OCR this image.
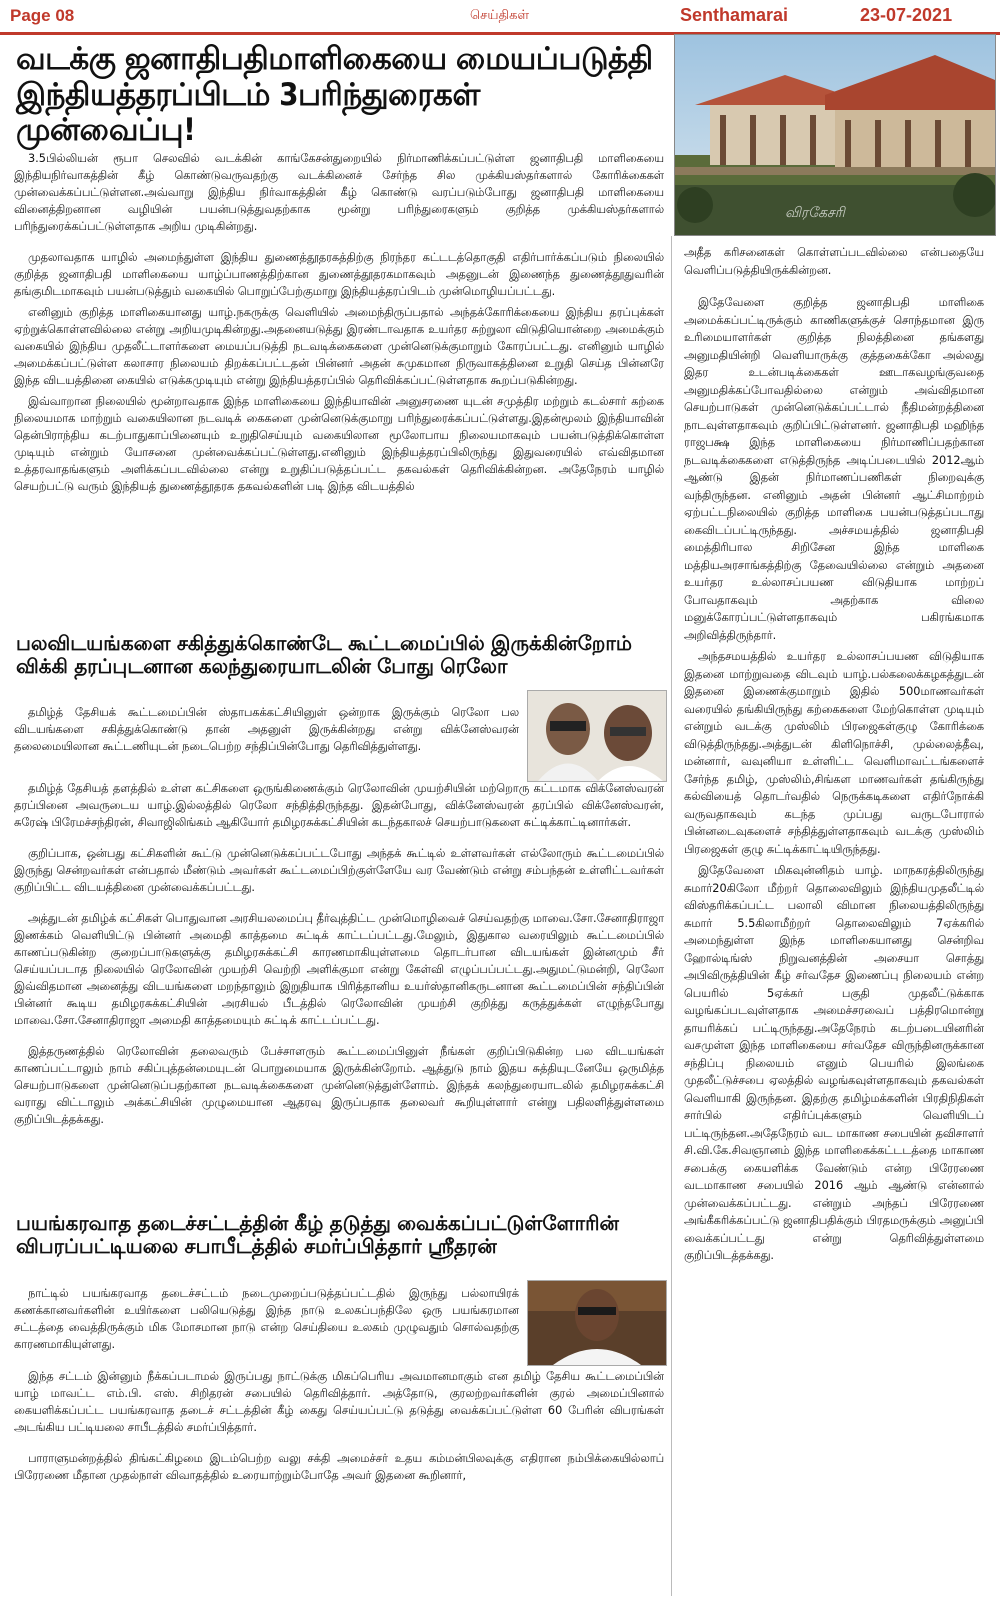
Page 08	செய்திகள்	Senthamarai	23-07-2021
வடக்கு ஜனாதிபதிமாளிகையை மையப்படுத்தி இந்தியத்தரப்பிடம் 3பரிந்துரைகள் முன்வைப்பு!
விரகேசரி

3.5பில்லியன் ரூபா செலவில் வடக்கின் காங்கேசன்துறையில் நிர்மாணிக்கப்பட்டுள்ள ஜனாதிபதி மாளிகையை இந்தியநிர்வாகத்தின் கீழ் கொண்டுவருவதற்கு வடக்கினைச் சேர்ந்த சில முக்கியஸ்தர்களால் கோரிக்கைகள் முன்வைக்கப்பட்டுள்ளன.அவ்வாறு இந்திய நிர்வாகத்தின் கீழ் கொண்டு வரப்படும்போது ஜனாதிபதி மாளிகையை வினைத்திறனான வழியின் பயன்படுத்துவதற்காக மூன்று பரிந்துரைகளும் குறித்த முக்கியஸ்தர்களால் பரிந்துரைக்கப்பட்டுள்ளதாக அறிய முடிகின்றது.

முதலாவதாக யாழில் அமைந்துள்ள இந்திய துணைத்தூதரகத்திற்கு நிரந்தர கட்டடத்தொகுதி எதிர்பார்க்கப்படும் நிலையில் குறித்த ஜனாதிபதி மாளிகையை யாழ்ப்பாணத்திற்கான துணைத்தூதரகமாகவும் அதனுடன் இணைந்த துணைத்தூதுவரின் தங்குமிடமாகவும் பயன்படுத்தும் வகையில் பொறுப்பேற்குமாறு இந்தியத்தரப்பிடம் முன்மொழியப்பட்டது.

எனினும் குறித்த மாளிகையானது யாழ்.நகருக்கு வெளியில் அமைந்திருப்பதால் அந்தக்கோரிக்கையை இந்திய தரப்புக்கள் ஏற்றுக்கொள்ளவில்லை என்று அறியமுடிகின்றது.அதனையடுத்து இரண்டாவதாக உயர்தர சுற்றுலா விடுதியொன்றை அமைக்கும் வகையில் இந்திய முதலீட்டாளர்களை மையப்படுத்தி நடவடிக்கைகளை முன்னெடுக்குமாறும் கோரப்பட்டது. எனினும் யாழில் அமைக்கப்பட்டுள்ள கலாசார நிலையம் திறக்கப்பட்டதன் பின்னர் அதன் சுமுகமான நிருவாகத்தினை உறுதி செய்த பின்னரே இந்த விடயத்தினை கையில் எடுக்கமுடியும் என்று இந்தியத்தரப்பில் தெரிவிக்கப்பட்டுள்ளதாக கூறப்படுகின்றது.

இவ்வாறான நிலையில் மூன்றாவதாக இந்த மாளிகையை இந்தியாவின் அனுசரணை யுடன் சமுத்திர மற்றும் கடல்சார் கற்கை நிலையமாக மாற்றும் வகையிலான நடவடிக் கைகளை முன்னெடுக்குமாறு பரிந்துரைக்கப்பட்டுள்ளது.இதன்மூலம் இந்தியாவின் தென்பிராந்திய கடற்பாதுகாப்பினையும் உறுதிசெய்யும் வகையிலான மூலோபாய நிலையமாகவும் பயன்படுத்திக்கொள்ள முடியும் என்றும் யோசனை முன்வைக்கப்பட்டுள்ளது.எனினும் இந்தியத்தரப்பிலிருந்து இதுவரையில் எவ்விதமான உத்தரவாதங்களும் அளிக்கப்படவில்லை என்று உறுதிப்படுத்தப்பட்ட தகவல்கள் தெரிவிக்கின்றன. அதேநேரம் யாழில் செயற்பட்டு வரும் இந்தியத் துணைத்தூதரக தகவல்களின் படி இந்த விடயத்தில்

அதீத கரிசனைகள் கொள்ளப்படவில்லை என்பதையே வெளிப்படுத்தியிருக்கின்றன.

இதேவேளை குறித்த ஜனாதிபதி மாளிகை அமைக்கப்பட்டிருக்கும் காணிகளுக்குச் சொந்தமான இரு உரிமையாளர்கள் குறித்த நிலத்தினை தங்களது அனுமதியின்றி வெளியாருக்கு குத்தகைக்கோ அல்லது இதர உடன்படிக்கைகள் ஊடாகவழங்குவதை அனுமதிக்கப்போவதில்லை என்றும் அவ்விதமான செயற்பாடுகள் முன்னெடுக்கப்பட்டால் நீதிமன்றத்தினை நாடவுள்ளதாகவும் குறிப்பிட்டுள்ளனர். ஜனாதிபதி மஹிந்த ராஜபக்ஷ இந்த மாளிகையை நிர்மாணிப்பதற்கான நடவடிக்கைகளை எடுத்திருந்த அடிப்படையில் 2012ஆம் ஆண்டு இதன் நிர்மாணப்பணிகள் நிறைவுக்கு வந்திருந்தன. எனினும் அதன் பின்னர் ஆட்சிமாற்றம் ஏற்பட்டநிலையில் குறித்த மாளிகை பயன்படுத்தப்படாது கைவிடப்பட்டிருந்தது. அச்சமயத்தில் ஜனாதிபதி மைத்திரிபால சிறிசேன இந்த மாளிகை மத்தியஅரசாங்கத்திற்கு தேவையில்லை என்றும் அதனை உயர்தர உல்லாசப்பயண விடுதியாக மாற்றப் போவதாகவும் அதற்காக விலை மனுக்கோரப்பட்டுள்ளதாகவும் பகிரங்கமாக அறிவித்திருந்தார்.

அந்தசமயத்தில் உயர்தர உல்லாசப்பயண விடுதியாக இதனை மாற்றுவதை விடவும் யாழ்.பல்கலைக்கழகத்துடன் இதனை இணைக்குமாறும் இதில் 500மாணவர்கள் வரையில் தங்கியிருந்து கற்கைகளை மேற்கொள்ள முடியும் என்றும் வடக்கு முஸ்லிம் பிரஜைகள்குழு கோரிக்கை விடுத்திருந்தது.அத்துடன் கிளிநொச்சி, முல்லைத்தீவு, மன்னார், வவுனியா உள்ளிட்ட வெளிமாவட்டங்களைச் சேர்ந்த தமிழ், முஸ்லிம்,சிங்கள மாணவர்கள் தங்கிருந்து கல்வியைத் தொடர்வதில் நெருக்கடிகளை எதிர்நோக்கி வருவதாகவும் கடந்த முப்பது வருடபோரால் பின்னடைவுகளைச் சந்தித்துள்ளதாகவும் வடக்கு முஸ்லிம் பிரஜைகள் குழு சுட்டிக்காட்டியிருந்தது.

இதேவேளை மிகவுன்னிதம் யாழ். மாநகரத்திலிருந்து சுமார்20கிலோ மீற்றர் தொலைவிலும் இந்தியமுதலீட்டில் விஸ்தரிக்கப்பட்ட பலாலி விமான நிலையத்திலிருந்து சுமார் 5.5கிலாமீற்றர் தொலைவிலும் 7ஏக்கரில் அமைந்துள்ள இந்த மாளிகையானது சென்றிவ ஹோல்டிங்ஸ் நிறுவனத்தின் அசையா சொத்து அபிவிருத்தியின் கீழ் சர்வதேச இணைப்பு நிலையம் என்ற பெயரில் 5ஏக்கர் பகுதி முதலீட்டுக்காக வழங்கப்படவுள்ளதாக அமைச்சரவைப் பத்திரமொன்று தாயரிக்கப் பட்டிருந்தது.அதேநேரம் கடற்படையினரின் வசமுள்ள இந்த மாளிகையை சர்வதேச விருந்தினருக்கான சந்திப்பு நிலையம் எனும் பெயரில் இலங்கை முதலீட்டுச்சபை ஏலத்தில் வழங்கவுள்ளதாகவும் தகவல்கள் வெளியாகி இருந்தன. இதற்கு தமிழ்மக்களின் பிரதிநிதிகள் சார்பில் எதிர்ப்புக்களும் வெளியிடப் பட்டிருந்தன.அதேநேரம் வட மாகாண சபையின் தவிசாளர் சி.வி.கே.சிவஞானம் இந்த மாளிகைக்கட்டடத்தை மாகாண சபைக்கு கையளிக்க வேண்டும் என்ற பிரேரணை வடமாகாண சபையில் 2016 ஆம் ஆண்டு என்னால் முன்வைக்கப்பட்டது. என்றும் அந்தப் பிரேரணை அங்கீகரிக்கப்பட்டு ஜனாதிபதிக்கும் பிரதமருக்கும் அனுப்பி வைக்கப்பட்டது என்று தெரிவித்துள்ளமை குறிப்பிடத்தக்கது.

பலவிடயங்களை சகித்துக்கொண்டே கூட்டமைப்பில் இருக்கின்றோம் விக்கி தரப்புடனான கலந்துரையாடலின் போது ரெலோ

தமிழ்த் தேசியக் கூட்டமைப்பின் ஸ்தாபகக்கட்சியினுள் ஒன்றாக இருக்கும் ரெலோ பல விடயங்களை சகித்துக்கொண்டு தான் அதனுள் இருக்கின்றது என்று விக்னேஸ்வரன் தலைமையிலான கூட்டணியுடன் நடைபெற்ற சந்திப்பின்போது தெரிவித்துள்ளது.

தமிழ்த் தேசியத் தளத்தில் உள்ள கட்சிகளை ஒருங்கிணைக்கும் ரெலோவின் முயற்சியின் மற்றொரு கட்டமாக விக்னேஸ்வரன் தரப்பினை அவருடைய யாழ்.இல்லத்தில் ரெலோ சந்தித்திருந்தது. இதன்போது, விக்னேஸ்வரன் தரப்பில் விக்னேஸ்வரன், சுரேஷ் பிரேமச்சந்திரன், சிவாஜிலிங்கம் ஆகியோர் தமிழரசுக்கட்சியின் கடந்தகாலச் செயற்பாடுகளை சுட்டிக்காட்டினார்கள்.

குறிப்பாக, ஒன்பது கட்சிகளின் கூட்டு முன்னெடுக்கப்பட்டபோது அந்தக் கூட்டில் உள்ளவர்கள் எல்லோரும் கூட்டமைப்பில் இருந்து சென்றவர்கள் என்பதால் மீண்டும் அவர்கள் கூட்டமைப்பிற்குள்ளேயே வர வேண்டும் என்று சம்பந்தன் உள்ளிட்டவர்கள் குறிப்பிட்ட விடயத்தினை முன்வைக்கப்பட்டது.

அத்துடன் தமிழ்க் கட்சிகள் பொதுவான அரசியலமைப்பு தீர்வுத்திட்ட முன்மொழிவைச் செய்வதற்கு மாவை.சோ.சேனாதிராஜா இணக்கம் வெளியிட்டு பின்னர் அமைதி காத்தமை சுட்டிக் காட்டப்பட்டது.மேலும், இதுகால வரையிலும் கூட்டமைப்பில் காணப்படுகின்ற குறைப்பாடுகளுக்கு தமிழரசுக்கட்சி காரணமாகியுள்ளமை தொடர்பான விடயங்கள் இன்னமும் சீர் செய்யப்படாத நிலையில் ரெலோவின் முயற்சி வெற்றி அளிக்குமா என்று கேள்வி எழுப்பப்பட்டது.அதுமட்டுமன்றி, ரெலோ இவ்விதமான அனைத்து விடயங்களை மறந்தாலும் இறுதியாக பிரித்தானிய உயர்ஸ்தானிகருடனான கூட்டமைப்பின் சந்திப்பின் பின்னர் கூடிய தமிழரசுக்கட்சியின் அரசியல் பீடத்தில் ரெலோவின் முயற்சி குறித்து கருத்துக்கள் எழுந்தபோது மாவை.சோ.சேனாதிராஜா அமைதி காத்தமையும் சுட்டிக் காட்டப்பட்டது.

இத்தருணத்தில் ரெலோவின் தலைவரும் பேச்சாளரும் கூட்டமைப்பினுள் நீங்கள் குறிப்பிடுகின்ற பல விடயங்கள் காணப்பட்டாலும் நாம் சகிப்புத்தன்மையுடன் பொறுமையாக இருக்கின்றோம். ஆத்துடு நாம் இதய சுத்தியுடனேயே ஒருமித்த செயற்பாடுகளை முன்னெடுப்பதற்கான நடவடிக்கைகளை முன்னெடுத்துள்ளோம். இந்தக் கலந்துரையாடலில் தமிழரசுக்கட்சி வராது விட்டாலும் அக்கட்சியின் முழுமையான ஆதரவு இருப்பதாக தலைவர் கூறியுள்ளார் என்று பதிலளித்துள்ளமை குறிப்பிடத்தக்கது.

பயங்கரவாத தடைச்சட்டத்தின் கீழ் தடுத்து வைக்கப்பட்டுள்ளோரின் விபரப்பட்டியலை சபாபீடத்தில் சமர்ப்பித்தார் ஸ்ரீதரன்

நாட்டில் பயங்கரவாத தடைச்சட்டம் நடைமுறைப்படுத்தப்பட்டதில் இருந்து பல்லாயிரக் கணக்கானவர்களின் உயிர்களை பலியெடுத்து இந்த நாடு உலகப்பந்திலே ஒரு பயங்கரமான சட்டத்தை வைத்திருக்கும் மிக மோசமான நாடு என்ற செய்தியை உலகம் முழுவதும் சொல்வதற்கு காரணமாகியுள்ளது.

இந்த சட்டம் இன்னும் நீக்கப்படாமல் இருப்பது நாட்டுக்கு மிகப்பெரிய அவமானமாகும் என தமிழ் தேசிய கூட்டமைப்பின் யாழ் மாவட்ட எம்.பி. எஸ். சிறிதரன் சபையில் தெரிவித்தார். அத்தோடு, குரலற்றவர்களின் குரல் அமைப்பினால் கையளிக்கப்பட்ட பயங்கரவாத தடைச் சட்டத்தின் கீழ் கைது செய்யப்பட்டு தடுத்து வைக்கப்பட்டுள்ள 60 பேரின் விபரங்கள் அடங்கிய பட்டியலை சாபீடத்தில் சமர்ப்பித்தார்.

பாராளுமன்றத்தில் திங்கட்கிழமை இடம்பெற்ற வலு சக்தி அமைச்சர் உதய கம்மன்பிலவுக்கு எதிரான நம்பிக்கையில்லாப் பிரேரணை மீதான முதல்நாள் விவாதத்தில் உரையாற்றும்போதே அவர் இதனை கூறினார்,
